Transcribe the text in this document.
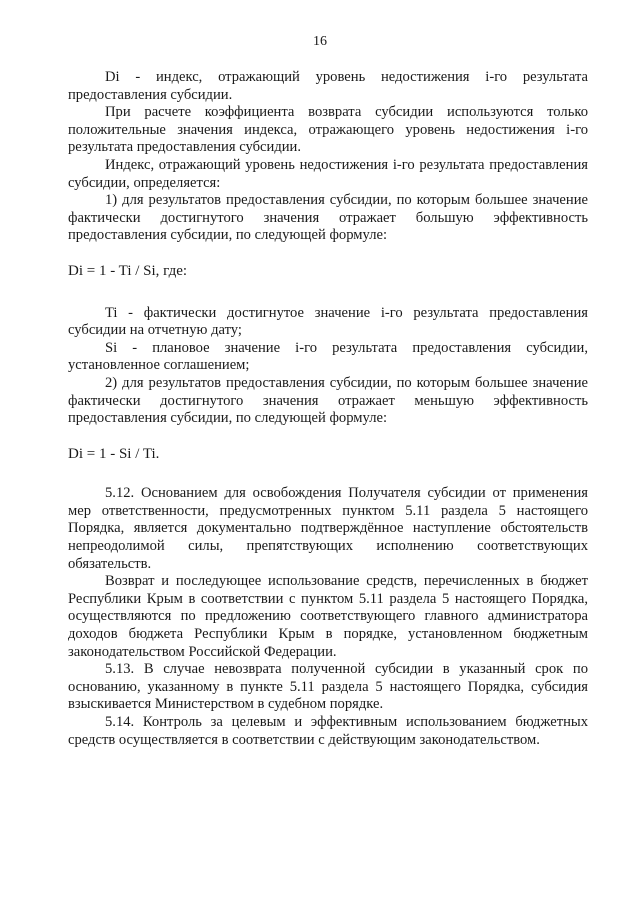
16

Di - индекс, отражающий уровень недостижения i-го результата предоставления субсидии.

При расчете коэффициента возврата субсидии используются только положительные значения индекса, отражающего уровень недостижения i-го результата предоставления субсидии.

Индекс, отражающий уровень недостижения i-го результата предоставления субсидии, определяется:

1) для результатов предоставления субсидии, по которым большее значение фактически достигнутого значения отражает большую эффективность предоставления субсидии, по следующей формуле:

Di = 1 - Ti / Si, где:

Ti - фактически достигнутое значение i-го результата предоставления субсидии на отчетную дату;

Si - плановое значение i-го результата предоставления субсидии, установленное соглашением;

2) для результатов предоставления субсидии, по которым большее значение фактически достигнутого значения отражает меньшую эффективность предоставления субсидии, по следующей формуле:

Di = 1 - Si / Ti.

5.12. Основанием для освобождения Получателя субсидии от применения мер ответственности, предусмотренных пунктом 5.11 раздела 5 настоящего Порядка, является документально подтверждённое наступление обстоятельств непреодолимой силы, препятствующих исполнению соответствующих обязательств.

Возврат и последующее использование средств, перечисленных в бюджет Республики Крым в соответствии с пунктом 5.11 раздела 5 настоящего Порядка, осуществляются по предложению соответствующего главного администратора доходов бюджета Республики Крым в порядке, установленном бюджетным законодательством Российской Федерации.

5.13. В случае невозврата полученной субсидии в указанный срок по основанию, указанному в пункте 5.11 раздела 5 настоящего Порядка, субсидия взыскивается Министерством в судебном порядке.

5.14. Контроль за целевым и эффективным использованием бюджетных средств осуществляется в соответствии с действующим законодательством.
